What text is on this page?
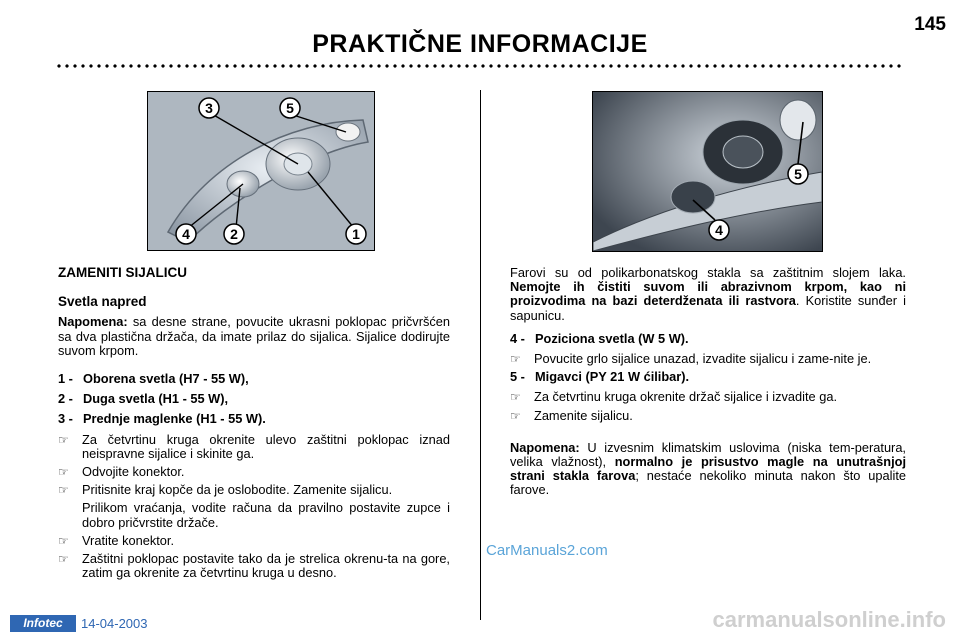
145
PRAKTIČNE INFORMACIJE
3	5
4	2	1
5
4
ZAMENITI SIJALICU
Svetla napred

Napomena: sa desne strane, povucite ukrasni poklopac pričvršćen sa dva plastična držača, da imate prilaz do sijalica. Sijalice dodirujte suvom krpom.

1 - Oborena svetla (H7 - 55 W),
2 - Duga svetla (H1 - 55 W),
3 - Prednje maglenke (H1 - 55 W).
☞	Za četvrtinu kruga okrenite ulevo zaštitni poklopac iznad neispravne sijalice i skinite ga.
☞	Odvojite konektor.
☞	Pritisnite kraj kopče da je oslobodite. Zamenite sijalicu.
Prilikom vraćanja, vodite računa da pravilno postavite zupce i dobro pričvrstite držače.
☞	Vratite konektor.
☞	Zaštitni poklopac postavite tako da je strelica okrenu-ta na gore, zatim ga okrenite za četvrtinu kruga u desno.

Farovi su od polikarbonatskog stakla sa zaštitnim slojem laka. Nemojte ih čistiti suvom ili abrazivnom krpom, kao ni proizvodima na bazi deterdženata ili rastvora. Koristite sunđer i sapunicu.

4 - Poziciona svetla (W 5 W).
☞	Povucite grlo sijalice unazad, izvadite sijalicu i zame-nite je.
5 - Migavci (PY 21 W ćilibar).
☞	Za četvrtinu kruga okrenite držač sijalice i izvadite ga.
☞	Zamenite sijalicu.

Napomena: U izvesnim klimatskim uslovima (niska tem-peratura, velika vlažnost), normalno je prisustvo magle na unutrašnjoj strani stakla farova; nestaće nekoliko minuta nakon što upalite farove.

CarManuals2.com
Infotec	14-04-2003	carmanualsonline.info
